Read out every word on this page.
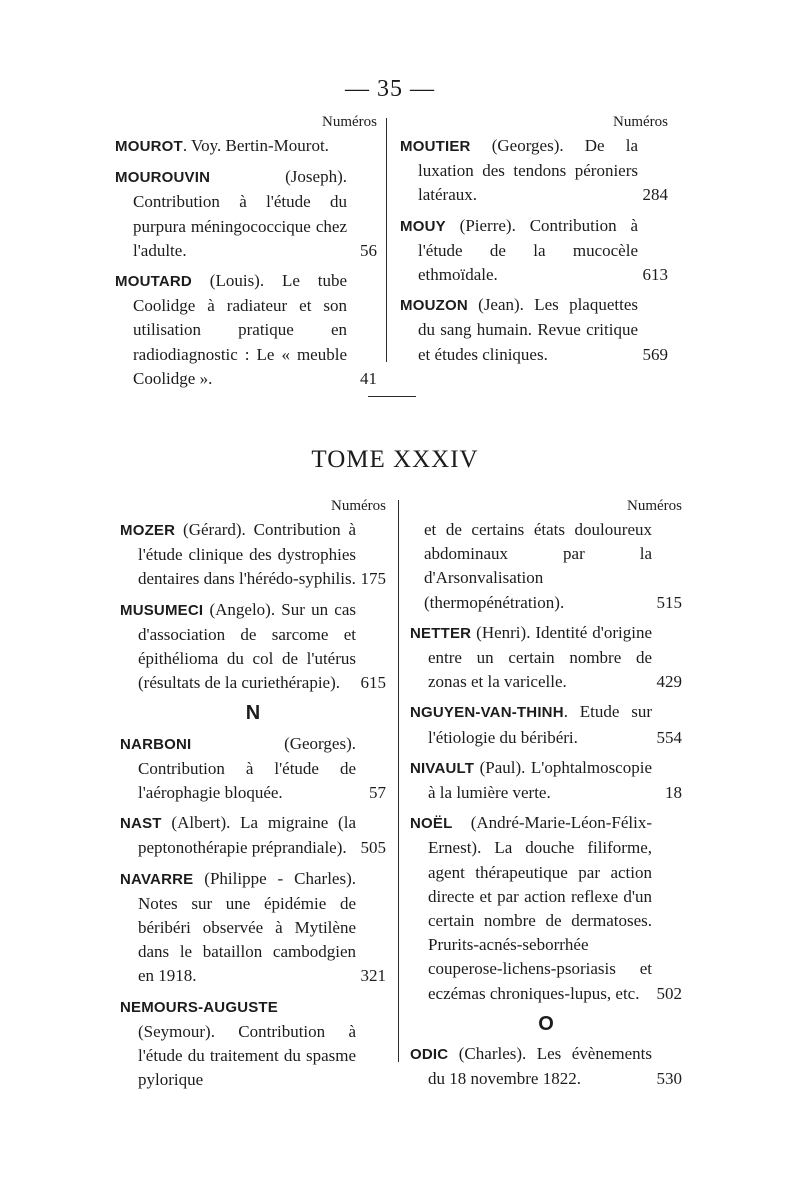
— 35 —
Numéros
MOUROT. Voy. Bertin-Mourot.
MOUROUVIN (Joseph). Contribution à l'étude du purpura méningococcique chez l'adulte.	56
MOUTARD (Louis). Le tube Coolidge à radiateur et son utilisation pratique en radiodiagnostic : Le « meuble Coolidge ».	41
Numéros
MOUTIER (Georges). De la luxation des tendons péroniers latéraux.	284
MOUY (Pierre). Contribution à l'étude de la mucocèle ethmoïdale.	613
MOUZON (Jean). Les plaquettes du sang humain. Revue critique et études cliniques.	569
TOME XXXIV
Numéros
MOZER (Gérard). Contribution à l'étude clinique des dystrophies dentaires dans l'hérédo-syphilis. 175
MUSUMECI (Angelo). Sur un cas d'association de sarcome et épithélioma du col de l'utérus (résultats de la curiethérapie). 615
N
NARBONI (Georges). Contribution à l'étude de l'aérophagie bloquée.	57
NAST (Albert). La migraine (la peptonothérapie préprandiale). 505
NAVARRE (Philippe - Charles). Notes sur une épidémie de béribéri observée à Mytilène dans le bataillon cambodgien en 1918.	321
NEMOURS-AUGUSTE (Seymour). Contribution à l'étude du traitement du spasme pylorique
Numéros
et de certains états douloureux abdominaux par la d'Arsonvalisation (thermopénétration).	515
NETTER (Henri). Identité d'origine entre un certain nombre de zonas et la varicelle.	429
NGUYEN-VAN-THINH. Etude sur l'étiologie du béribéri.	554
NIVAULT (Paul). L'ophtalmoscopie à la lumière verte.	18
NOËL (André-Marie-Léon-Félix-Ernest). La douche filiforme, agent thérapeutique par action directe et par action reflexe d'un certain nombre de dermatoses. Prurits-acnés-seborrhée couperose-lichens-psoriasis et eczémas chroniques-lupus, etc. 502
O
ODIC (Charles). Les évènements du 18 novembre 1822.	530
